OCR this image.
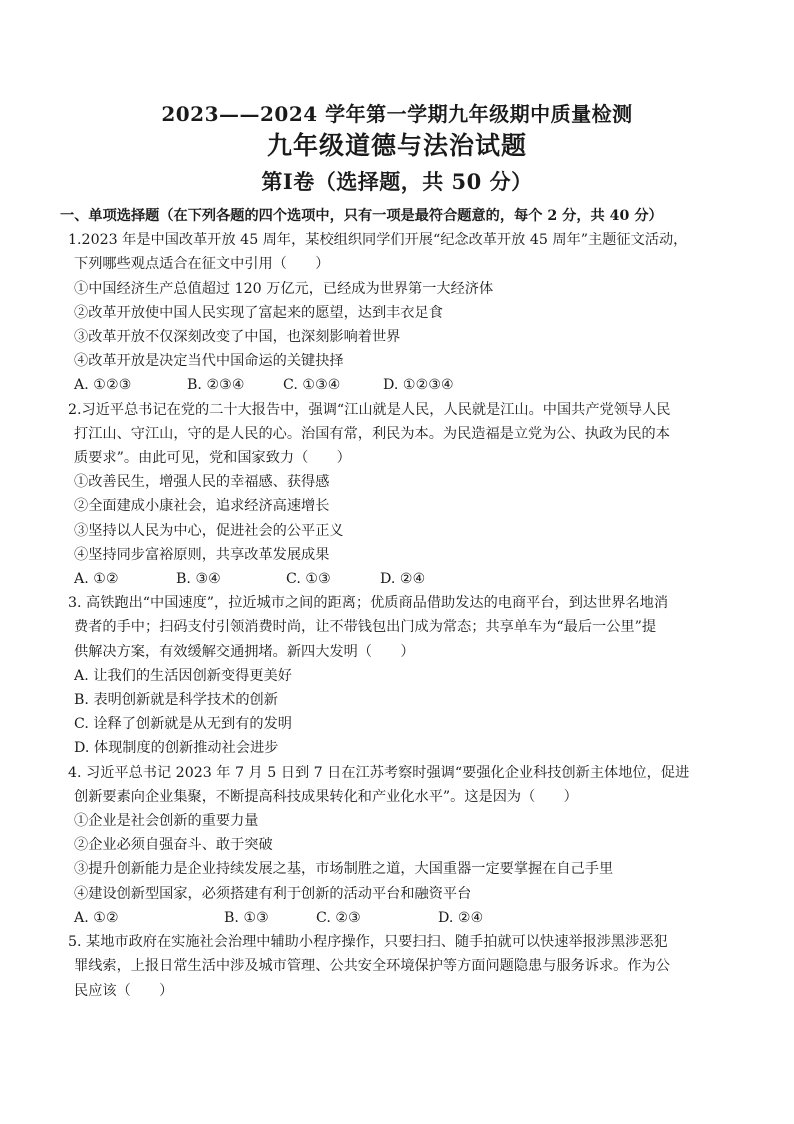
2023——2024 学年第一学期九年级期中质量检测
九年级道德与法治试题
第Ⅰ卷（选择题，共 50 分）
一、单项选择题（在下列各题的四个选项中，只有一项是最符合题意的，每个 2 分，共 40 分）
1.2023 年是中国改革开放 45 周年，某校组织同学们开展“纪念改革开放 45 周年”主题征文活动，
下列哪些观点适合在征文中引用（　　）
①中国经济生产总值超过 120 万亿元，已经成为世界第一大经济体
②改革开放使中国人民实现了富起来的愿望，达到丰衣足食
③改革开放不仅深刻改变了中国，也深刻影响着世界
④改革开放是决定当代中国命运的关键抉择
A. ①②③	B. ②③④	C. ①③④	D. ①②③④
2.习近平总书记在党的二十大报告中，强调“江山就是人民，人民就是江山。中国共产党领导人民
打江山、守江山，守的是人民的心。治国有常，利民为本。为民造福是立党为公、执政为民的本
质要求”。由此可见，党和国家致力（　　）
①改善民生，增强人民的幸福感、获得感
②全面建成小康社会，追求经济高速增长
③坚持以人民为中心，促进社会的公平正义
④坚持同步富裕原则，共享改革发展成果
A. ①②	B. ③④	C. ①③	D. ②④
3. 高铁跑出“中国速度”，拉近城市之间的距离；优质商品借助发达的电商平台，到达世界名地消
费者的手中；扫码支付引领消费时尚，让不带钱包出门成为常态；共享单车为“最后一公里”提
供解决方案，有效缓解交通拥堵。新四大发明（　　）
A. 让我们的生活因创新变得更美好
B. 表明创新就是科学技术的创新
C. 诠释了创新就是从无到有的发明
D. 体现制度的创新推动社会进步
4. 习近平总书记 2023 年 7 月 5 日到 7 日在江苏考察时强调“要强化企业科技创新主体地位，促进
创新要素向企业集聚，不断提高科技成果转化和产业化水平”。这是因为（　　）
①企业是社会创新的重要力量
②企业必须自强奋斗、敢于突破
③提升创新能力是企业持续发展之基，市场制胜之道，大国重器一定要掌握在自己手里
④建设创新型国家，必须搭建有利于创新的活动平台和融资平台
A. ①②	B. ①③	C. ②③	D. ②④
5. 某地市政府在实施社会治理中辅助小程序操作，只要扫扫、随手拍就可以快速举报涉黑涉恶犯
罪线索，上报日常生活中涉及城市管理、公共安全环境保护等方面问题隐患与服务诉求。作为公
民应该（　　）
